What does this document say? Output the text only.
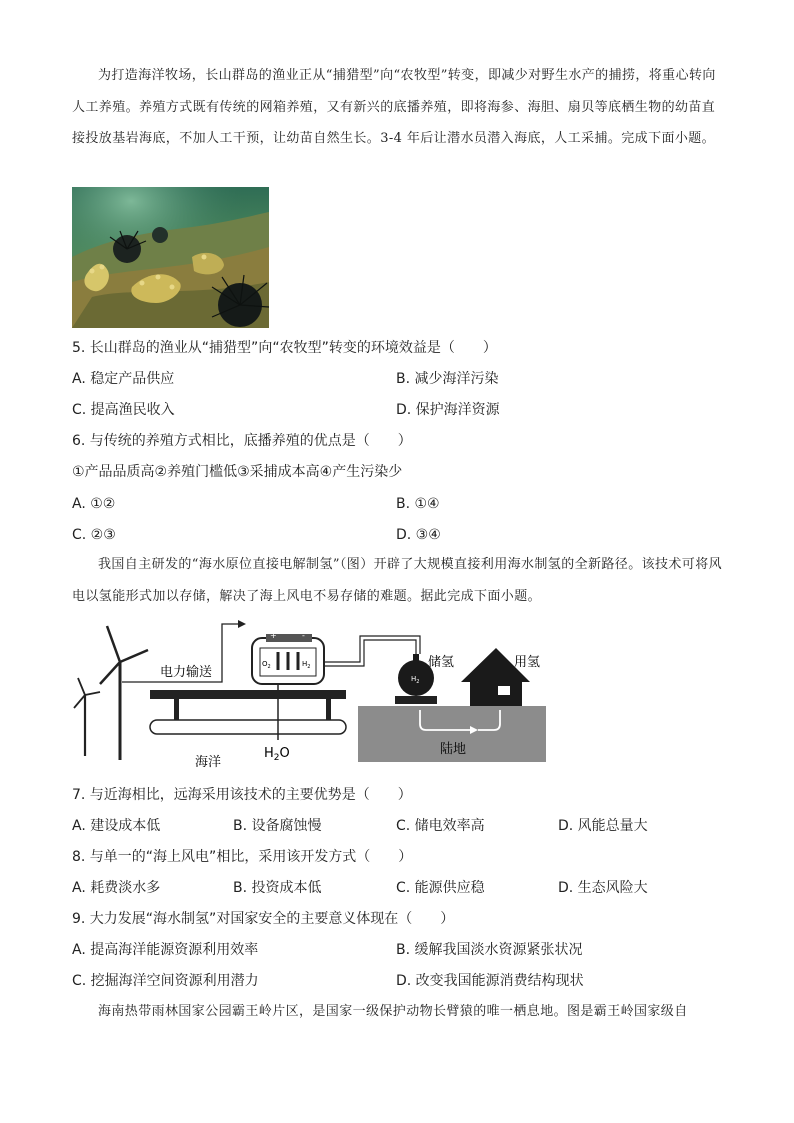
为打造海洋牧场，长山群岛的渔业正从“捕猎型”向“农牧型”转变，即减少对野生水产的捕捞，将重心转向人工养殖。养殖方式既有传统的网箱养殖，又有新兴的底播养殖，即将海参、海胆、扇贝等底栖生物的幼苗直接投放基岩海底，不加人工干预，让幼苗自然生长。3-4 年后让潜水员潜入海底，人工采捕。完成下面小题。
5. 长山群岛的渔业从“捕猎型”向“农牧型”转变的环境效益是（　　）
A. 稳定产品供应	B. 减少海洋污染
C. 提高渔民收入	D. 保护海洋资源
6. 与传统的养殖方式相比，底播养殖的优点是（　　）
①产品品质高②养殖门槛低③采捕成本高④产生污染少
A. ①②	B. ①④
C. ②③	D. ③④
我国自主研发的“海水原位直接电解制氢”（图）开辟了大规模直接利用海水制氢的全新路径。该技术可将风电以氢能形式加以存储，解决了海上风电不易存储的难题。据此完成下面小题。
电力输送
+	-
$O_2$	$H_2$
海洋
$H_2O$	陆地
$H_2$
储氢	用氢
7. 与近海相比，远海采用该技术的主要优势是（　　）
A. 建设成本低	B. 设备腐蚀慢	C. 储电效率高	D. 风能总量大
8. 与单一的“海上风电”相比，采用该开发方式（　　）
A. 耗费淡水多	B. 投资成本低	C. 能源供应稳	D. 生态风险大
9. 大力发展“海水制氢”对国家安全的主要意义体现在（　　）
A. 提高海洋能源资源利用效率	B. 缓解我国淡水资源紧张状况
C. 挖掘海洋空间资源利用潜力	D. 改变我国能源消费结构现状
海南热带雨林国家公园霸王岭片区，是国家一级保护动物长臂猿的唯一栖息地。图是霸王岭国家级自
